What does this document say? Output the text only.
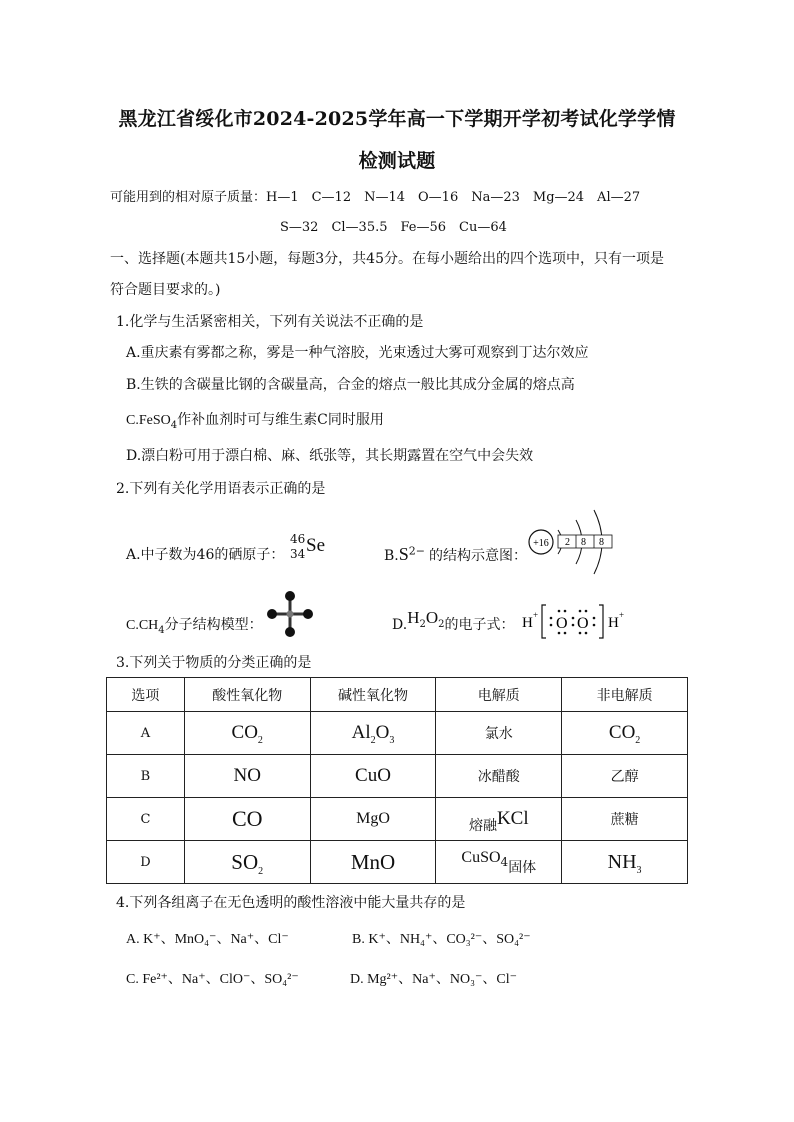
黑龙江省绥化市2024-2025学年高一下学期开学初考试化学学情
检测试题
可能用到的相对原子质量：H—1　C—12　N—14　O—16　Na—23　Mg—24　Al—27
S—32　Cl—35.5　Fe—56　Cu—64
一、选择题(本题共15小题，每题3分，共45分。在每小题给出的四个选项中，只有一项是
符合题目要求的。)
1.化学与生活紧密相关，下列有关说法不正确的是
A.重庆素有雾都之称，雾是一种气溶胶，光束透过大雾可观察到丁达尔效应
B.生铁的含碳量比钢的含碳量高，合金的熔点一般比其成分金属的熔点高
C.FeSO$_4$作补血剂时可与维生素C同时服用
D.漂白粉可用于漂白棉、麻、纸张等，其长期露置在空气中会失效
2.下列有关化学用语表示正确的是
A.中子数为46的硒原子：
46
34 Se	$B.S^{2-}$ 的结构示意图：
+16 2 8 8
$C.CH_4$分子结构模型：	$D.H_2O_2$的电子式： H + O O H +
3.下列关于物质的分类正确的是
选项	酸性氧化物	碱性氧化物	电解质	非电解质
A	$CO_2$	$Al_2O_3$	氯水	$CO_2$
B	NO	CuO	冰醋酸	乙醇
C	CO	MgO	熔融KCl	蔗糖
D	$SO_2$	MnO	CuSO$_4$固体	$NH_3$
4.下列各组离子在无色透明的酸性溶液中能大量共存的是
A. K⁺、MnO₄⁻、Na⁺、Cl⁻	B. K⁺、NH₄⁺、CO₃²⁻、SO₄²⁻
C. Fe²⁺、Na⁺、ClO⁻、SO₄²⁻	D. Mg²⁺、Na⁺、NO₃⁻、Cl⁻
